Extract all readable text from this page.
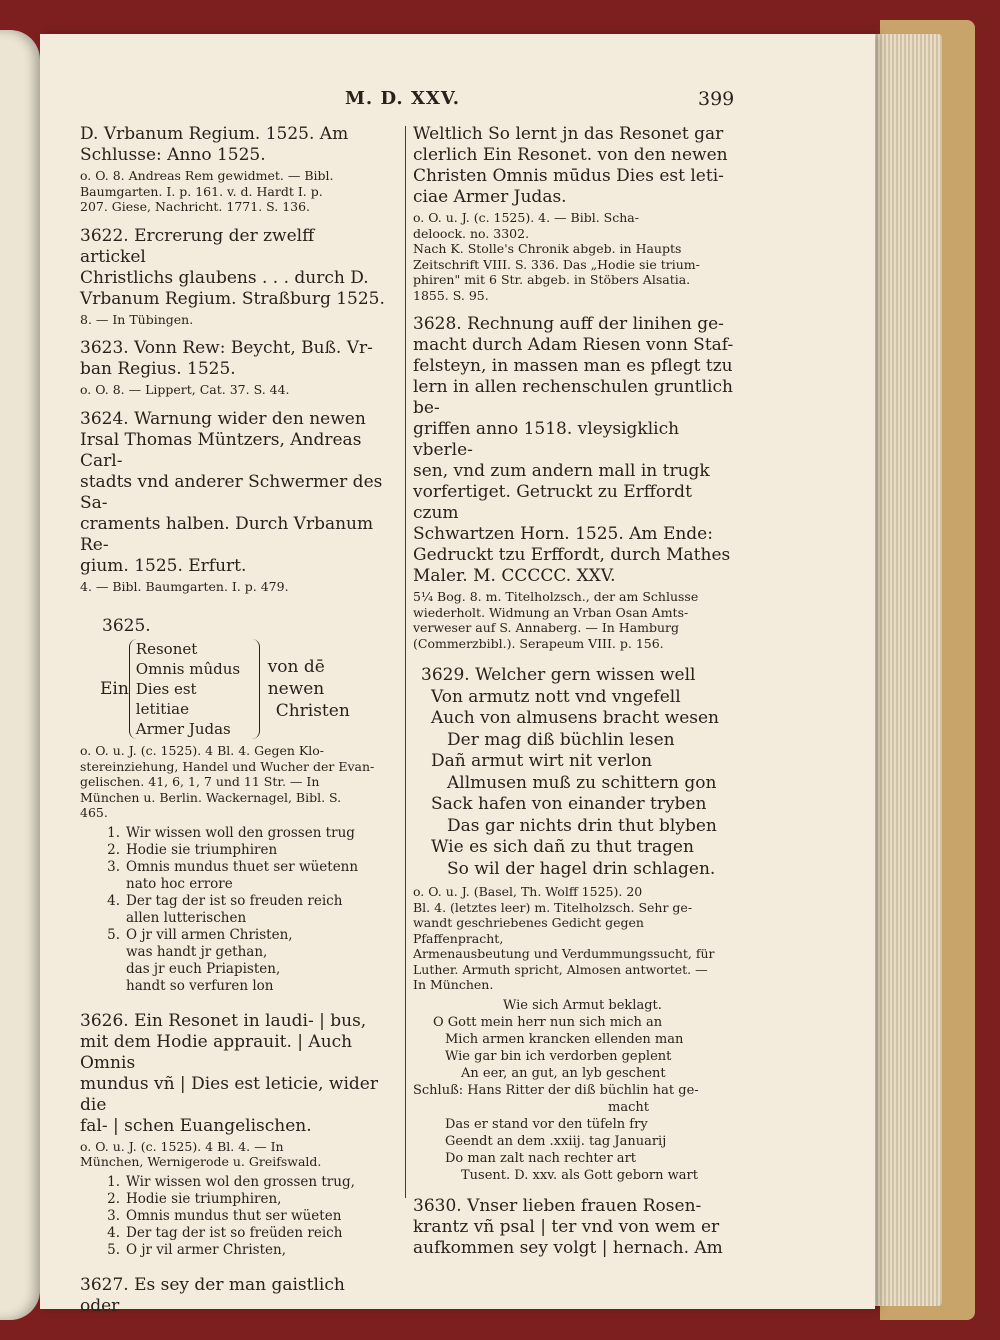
M. D. XXV.	399

D. Vrbanum Regium. 1525. Am

Schlusse: Anno 1525.

o. O. 8. Andreas Rem gewidmet. — Bibl.

Baumgarten. I. p. 161. v. d. Hardt I. p.

207. Giese, Nachricht. 1771. S. 136.

3622. Ercrerung der zwelff artickel

Christlichs glaubens . . . durch D.

Vrbanum Regium. Straßburg 1525.

8. — In Tübingen.

3623. Vonn Rew: Beycht, Buß. Vr-

ban Regius. 1525.

o. O. 8. — Lippert, Cat. 37. S. 44.

3624. Warnung wider den newen

Irsal Thomas Müntzers, Andreas Carl-

stadts vnd anderer Schwermer des Sa-

craments halben. Durch Vrbanum Re-

gium. 1525. Erfurt.

4. — Bibl. Baumgarten. I. p. 479.

3625.
Ein
Resonet
Omnis mûdus
Dies est letitiae
Armer Judas
von dē newen
Christen

o. O. u. J. (c. 1525). 4 Bl. 4. Gegen Klo-

stereinziehung, Handel und Wucher der Evan-

gelischen. 41, 6, 1, 7 und 11 Str. — In

München u. Berlin. Wackernagel, Bibl. S.

465.

1. Wir wissen woll den grossen trug
2. Hodie sie triumphiren
3. Omnis mundus thuet ser wüetenn
nato hoc errore
4. Der tag der ist so freuden reich
allen lutterischen
5. O jr vill armen Christen,
was handt jr gethan,
das jr euch Priapisten,
handt so verfuren lon

3626. Ein Resonet in laudi- | bus,

mit dem Hodie apprauit. | Auch Omnis

mundus vñ | Dies est leticie, wider die

fal- | schen Euangelischen.

o. O. u. J. (c. 1525). 4 Bl. 4. — In

München, Wernigerode u. Greifswald.

1. Wir wissen wol den grossen trug,
2. Hodie sie triumphiren,
3. Omnis mundus thut ser wüeten
4. Der tag der ist so freüden reich
5. O jr vil armer Christen,

3627. Es sey der man gaistlich oder

Weltlich So lernt jn das Resonet gar

clerlich Ein Resonet. von den newen

Christen Omnis mūdus Dies est leti-

ciae Armer Judas.

o. O. u. J. (c. 1525). 4. — Bibl. Scha-

deloock. no. 3302.

Nach K. Stolle's Chronik abgeb. in Haupts

Zeitschrift VIII. S. 336. Das „Hodie sie trium-

phiren" mit 6 Str. abgeb. in Stöbers Alsatia.

1855. S. 95.

3628. Rechnung auff der linihen ge-

macht durch Adam Riesen vonn Staf-

felsteyn, in massen man es pflegt tzu

lern in allen rechenschulen gruntlich be-

griffen anno 1518. vleysigklich vberle-

sen, vnd zum andern mall in trugk

vorfertiget. Getruckt zu Erffordt czum

Schwartzen Horn. 1525. Am Ende:

Gedruckt tzu Erffordt, durch Mathes

Maler. M. CCCCC. XXV.

5¼ Bog. 8. m. Titelholzsch., der am Schlusse

wiederholt. Widmung an Vrban Osan Amts-

verweser auf S. Annaberg. — In Hamburg

(Commerzbibl.). Serapeum VIII. p. 156.

3629. Welcher gern wissen well
Von armutz nott vnd vngefell
Auch von almusens bracht wesen
Der mag diß büchlin lesen
Dañ armut wirt nit verlon
Allmusen muß zu schittern gon
Sack hafen von einander tryben
Das gar nichts drin thut blyben
Wie es sich dañ zu thut tragen
So wil der hagel drin schlagen.

o. O. u. J. (Basel, Th. Wolff 1525). 20

Bl. 4. (letztes leer) m. Titelholzsch. Sehr ge-

wandt geschriebenes Gedicht gegen Pfaffenpracht,

Armenausbeutung und Verdummungssucht, für

Luther. Armuth spricht, Almosen antwortet. —

In München.

Wie sich Armut beklagt.
O Gott mein herr nun sich mich an
Mich armen krancken ellenden man
Wie gar bin ich verdorben geplent
An eer, an gut, an lyb geschent
Schluß: Hans Ritter der diß büchlin hat ge-
macht
Das er stand vor den tüfeln fry
Geendt an dem .xxiij. tag Januarij
Do man zalt nach rechter art
Tusent. D. xxv. als Gott geborn wart

3630. Vnser lieben frauen Rosen-

krantz vñ psal | ter vnd von wem er

aufkommen sey volgt | hernach. Am
